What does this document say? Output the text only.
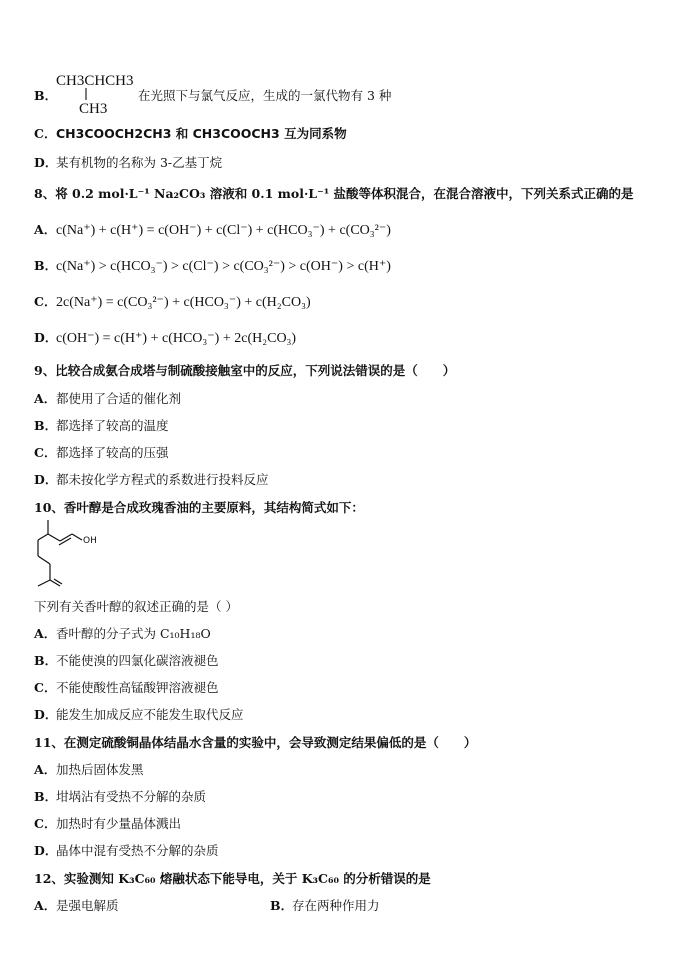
B．
CH3CHCH3
CH3
在光照下与氯气反应，生成的一氯代物有 3 种
C．CH3COOCH2CH3 和 CH3COOCH3 互为同系物
D．某有机物的名称为 3-乙基丁烷
8、将 0.2 mol·L⁻¹ Na₂CO₃ 溶液和 0.1 mol·L⁻¹ 盐酸等体积混合，在混合溶液中，下列关系式正确的是
A．c(Na⁺) + c(H⁺) = c(OH⁻) + c(Cl⁻) + c(HCO₃⁻) + c(CO₃²⁻)
B．c(Na⁺) > c(HCO₃⁻) > c(Cl⁻) > c(CO₃²⁻) > c(OH⁻) > c(H⁺)
C．2c(Na⁺) = c(CO₃²⁻) + c(HCO₃⁻) + c(H₂CO₃)
D．c(OH⁻) = c(H⁺) + c(HCO₃⁻) + 2c(H₂CO₃)
9、比较合成氨合成塔与制硫酸接触室中的反应，下列说法错误的是（　　）
A．都使用了合适的催化剂
B．都选择了较高的温度
C．都选择了较高的压强
D．都未按化学方程式的系数进行投料反应
10、香叶醇是合成玫瑰香油的主要原料，其结构简式如下：
OH
下列有关香叶醇的叙述正确的是（ ）
A．香叶醇的分子式为 C₁₀H₁₈O
B．不能使溴的四氯化碳溶液褪色
C．不能使酸性高锰酸钾溶液褪色
D．能发生加成反应不能发生取代反应
11、在测定硫酸铜晶体结晶水含量的实验中，会导致测定结果偏低的是（　　）
A．加热后固体发黑
B．坩埚沾有受热不分解的杂质
C．加热时有少量晶体溅出
D．晶体中混有受热不分解的杂质
12、实验测知 K₃C₆₀ 熔融状态下能导电，关于 K₃C₆₀ 的分析错误的是
A．是强电解质	B．存在两种作用力
